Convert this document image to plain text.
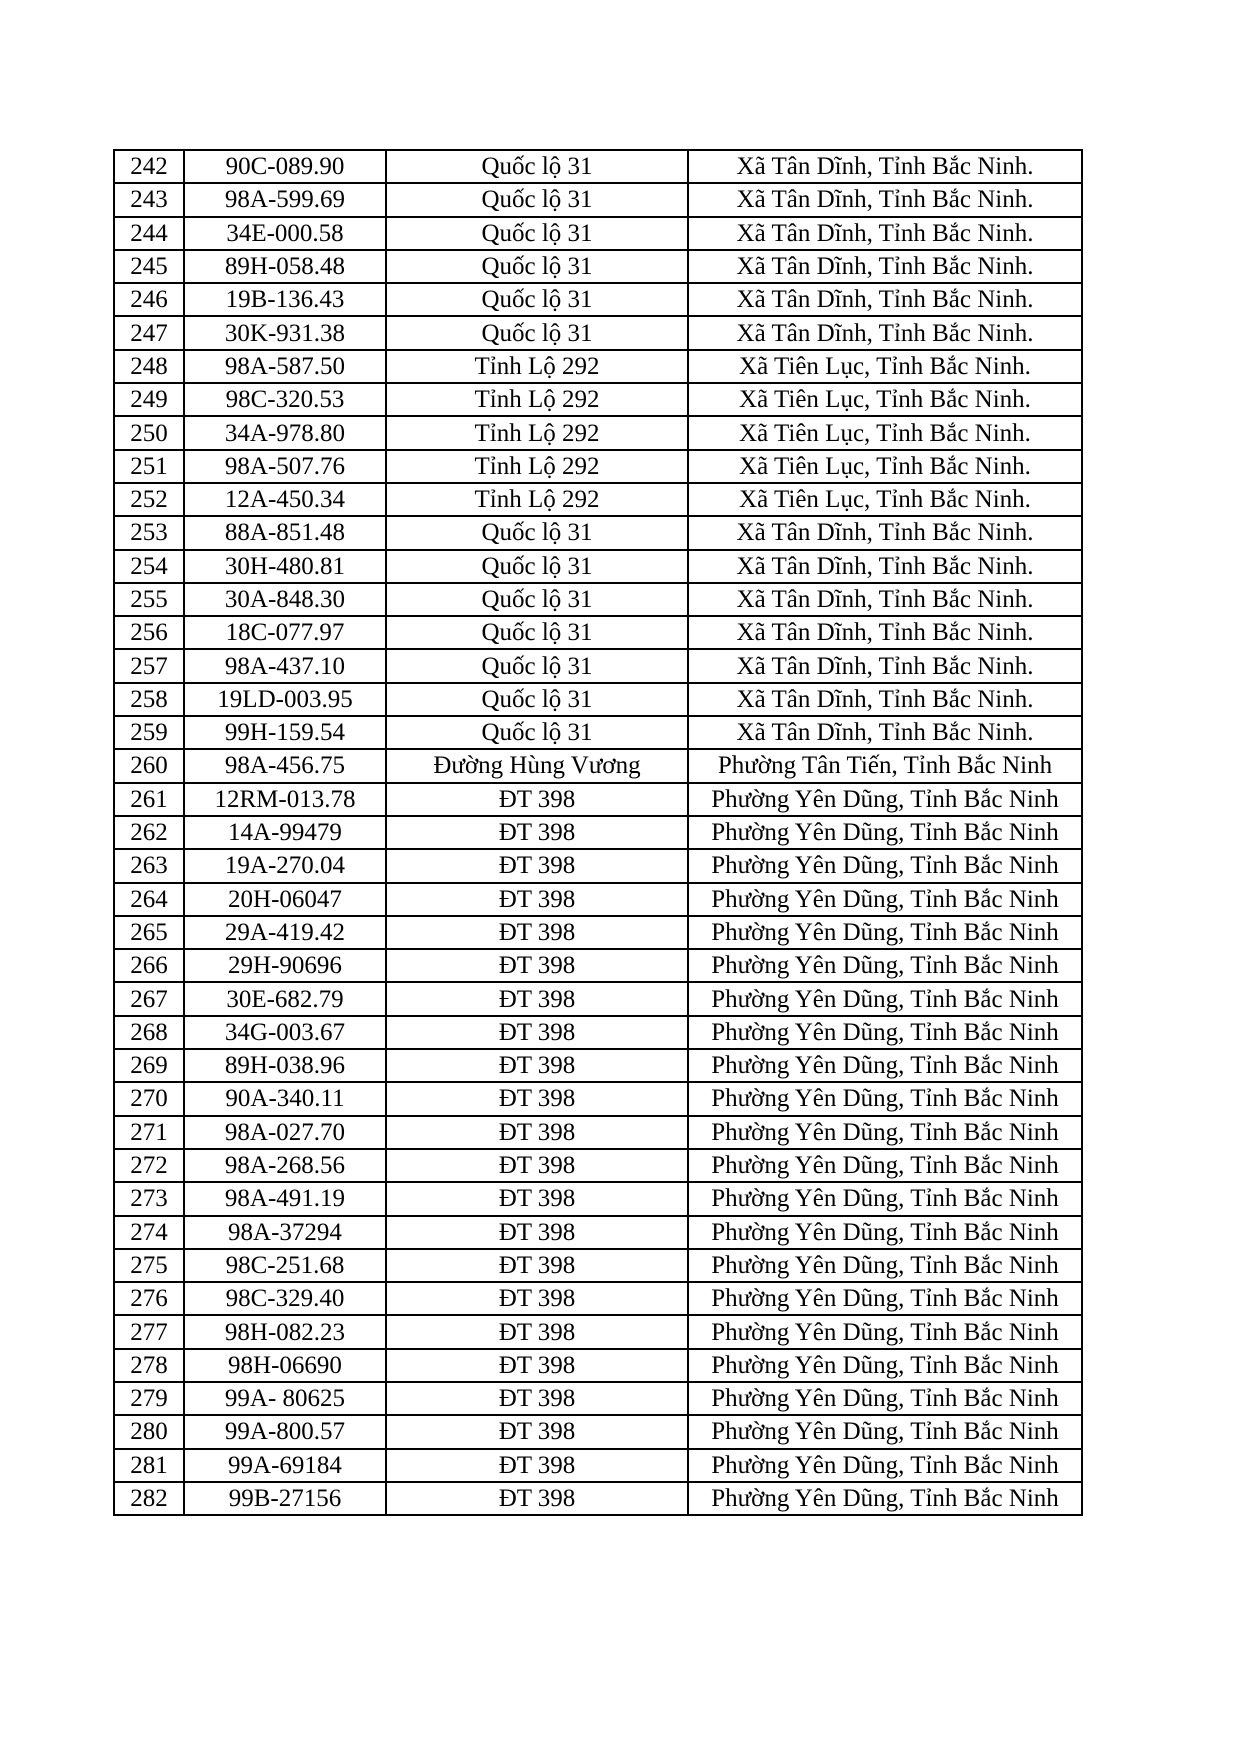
242	90C-089.90	Quốc lộ 31	Xã Tân Dĩnh, Tỉnh Bắc Ninh.
243	98A-599.69	Quốc lộ 31	Xã Tân Dĩnh, Tỉnh Bắc Ninh.
244	34E-000.58	Quốc lộ 31	Xã Tân Dĩnh, Tỉnh Bắc Ninh.
245	89H-058.48	Quốc lộ 31	Xã Tân Dĩnh, Tỉnh Bắc Ninh.
246	19B-136.43	Quốc lộ 31	Xã Tân Dĩnh, Tỉnh Bắc Ninh.
247	30K-931.38	Quốc lộ 31	Xã Tân Dĩnh, Tỉnh Bắc Ninh.
248	98A-587.50	Tỉnh Lộ 292	Xã Tiên Lục, Tỉnh Bắc Ninh.
249	98C-320.53	Tỉnh Lộ 292	Xã Tiên Lục, Tỉnh Bắc Ninh.
250	34A-978.80	Tỉnh Lộ 292	Xã Tiên Lục, Tỉnh Bắc Ninh.
251	98A-507.76	Tỉnh Lộ 292	Xã Tiên Lục, Tỉnh Bắc Ninh.
252	12A-450.34	Tỉnh Lộ 292	Xã Tiên Lục, Tỉnh Bắc Ninh.
253	88A-851.48	Quốc lộ 31	Xã Tân Dĩnh, Tỉnh Bắc Ninh.
254	30H-480.81	Quốc lộ 31	Xã Tân Dĩnh, Tỉnh Bắc Ninh.
255	30A-848.30	Quốc lộ 31	Xã Tân Dĩnh, Tỉnh Bắc Ninh.
256	18C-077.97	Quốc lộ 31	Xã Tân Dĩnh, Tỉnh Bắc Ninh.
257	98A-437.10	Quốc lộ 31	Xã Tân Dĩnh, Tỉnh Bắc Ninh.
258	19LD-003.95	Quốc lộ 31	Xã Tân Dĩnh, Tỉnh Bắc Ninh.
259	99H-159.54	Quốc lộ 31	Xã Tân Dĩnh, Tỉnh Bắc Ninh.
260	98A-456.75	Đường Hùng Vương	Phường Tân Tiến, Tỉnh Bắc Ninh
261	12RM-013.78	ĐT 398	Phường Yên Dũng, Tỉnh Bắc Ninh
262	14A-99479	ĐT 398	Phường Yên Dũng, Tỉnh Bắc Ninh
263	19A-270.04	ĐT 398	Phường Yên Dũng, Tỉnh Bắc Ninh
264	20H-06047	ĐT 398	Phường Yên Dũng, Tỉnh Bắc Ninh
265	29A-419.42	ĐT 398	Phường Yên Dũng, Tỉnh Bắc Ninh
266	29H-90696	ĐT 398	Phường Yên Dũng, Tỉnh Bắc Ninh
267	30E-682.79	ĐT 398	Phường Yên Dũng, Tỉnh Bắc Ninh
268	34G-003.67	ĐT 398	Phường Yên Dũng, Tỉnh Bắc Ninh
269	89H-038.96	ĐT 398	Phường Yên Dũng, Tỉnh Bắc Ninh
270	90A-340.11	ĐT 398	Phường Yên Dũng, Tỉnh Bắc Ninh
271	98A-027.70	ĐT 398	Phường Yên Dũng, Tỉnh Bắc Ninh
272	98A-268.56	ĐT 398	Phường Yên Dũng, Tỉnh Bắc Ninh
273	98A-491.19	ĐT 398	Phường Yên Dũng, Tỉnh Bắc Ninh
274	98A-37294	ĐT 398	Phường Yên Dũng, Tỉnh Bắc Ninh
275	98C-251.68	ĐT 398	Phường Yên Dũng, Tỉnh Bắc Ninh
276	98C-329.40	ĐT 398	Phường Yên Dũng, Tỉnh Bắc Ninh
277	98H-082.23	ĐT 398	Phường Yên Dũng, Tỉnh Bắc Ninh
278	98H-06690	ĐT 398	Phường Yên Dũng, Tỉnh Bắc Ninh
279	99A- 80625	ĐT 398	Phường Yên Dũng, Tỉnh Bắc Ninh
280	99A-800.57	ĐT 398	Phường Yên Dũng, Tỉnh Bắc Ninh
281	99A-69184	ĐT 398	Phường Yên Dũng, Tỉnh Bắc Ninh
282	99B-27156	ĐT 398	Phường Yên Dũng, Tỉnh Bắc Ninh
